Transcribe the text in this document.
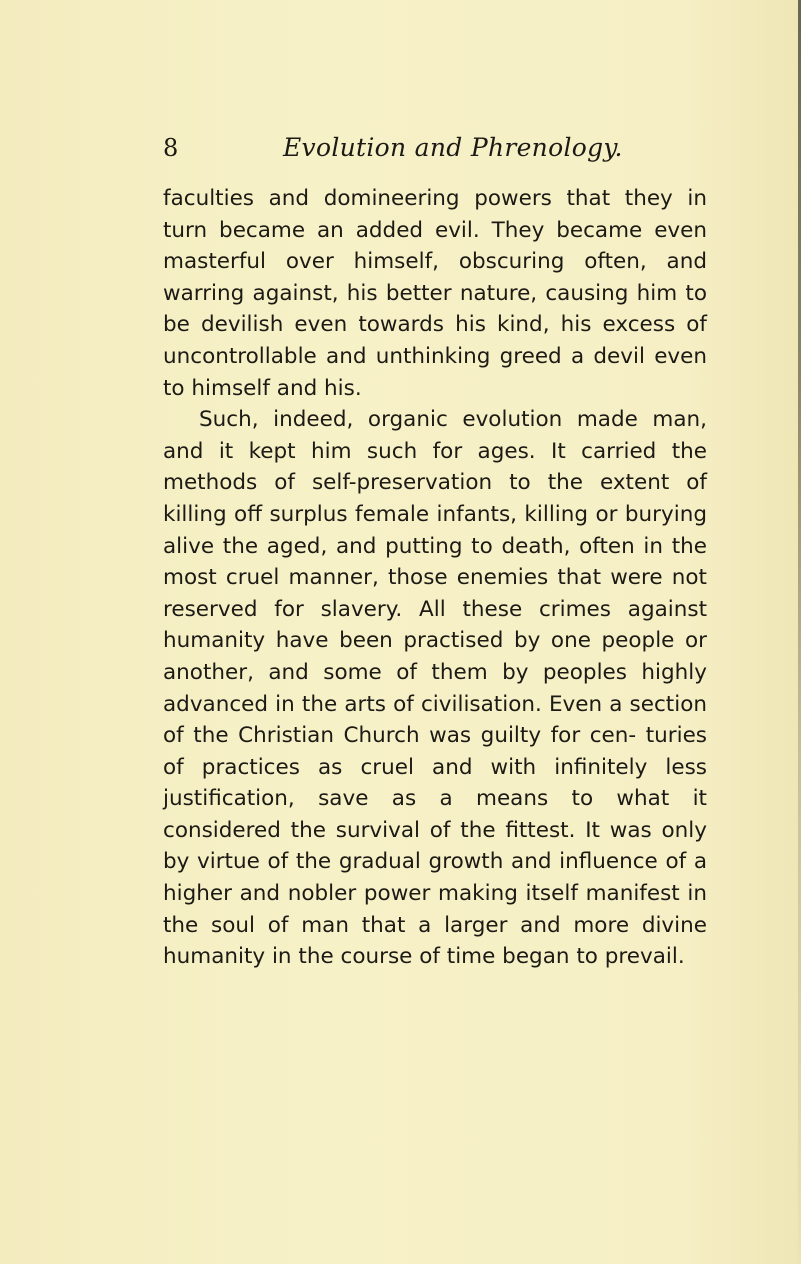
8	Evolution and Phrenology.

faculties and domineering powers that they in turn became an added evil. They became even masterful over himself, obscuring often, and warring against, his better nature, causing him to be devilish even towards his kind, his excess of uncontrollable and unthinking greed a devil even to himself and his.

Such, indeed, organic evolution made man, and it kept him such for ages. It carried the methods of self-preservation to the extent of killing off surplus female infants, killing or burying alive the aged, and putting to death, often in the most cruel manner, those enemies that were not reserved for slavery. All these crimes against humanity have been practised by one people or another, and some of them by peoples highly advanced in the arts of civilisation. Even a section of the Christian Church was guilty for cen- turies of practices as cruel and with infinitely less justification, save as a means to what it considered the survival of the fittest. It was only by virtue of the gradual growth and influence of a higher and nobler power making itself manifest in the soul of man that a larger and more divine humanity in the course of time began to prevail.
